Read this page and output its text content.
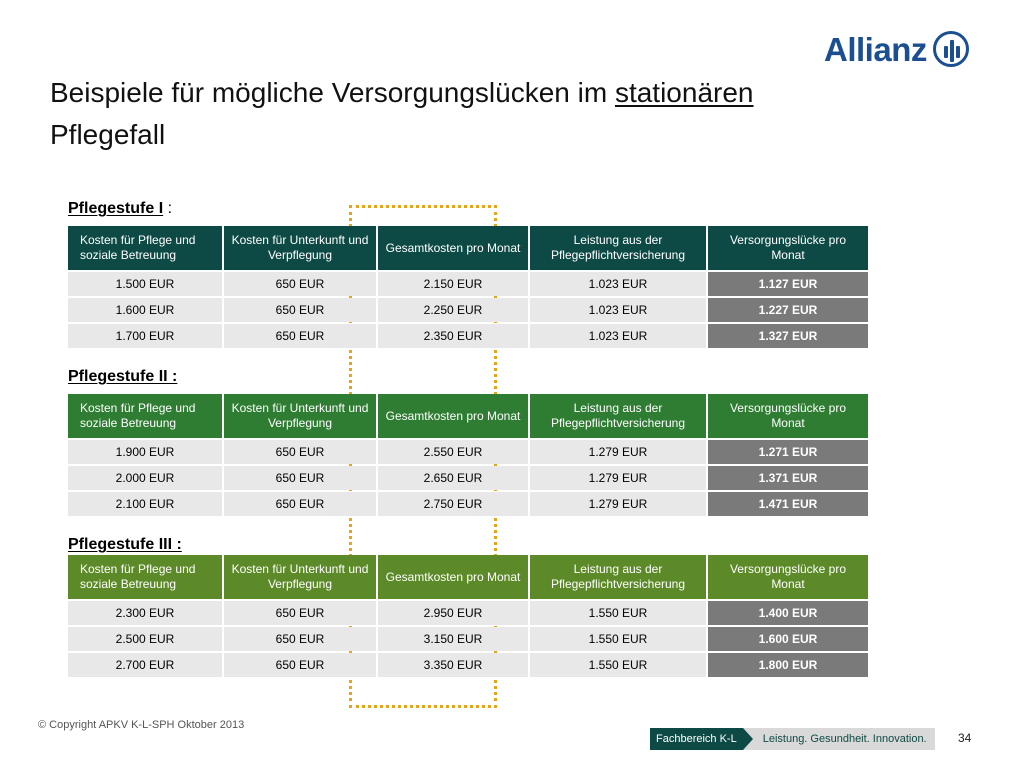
Allianz
Beispiele für mögliche Versorgungslücken im stationären
Pflegefall
Pflegestufe I :
Kosten für Pflege und soziale Betreuung	Kosten für Unterkunft und Verpflegung	Gesamtkosten pro Monat	Leistung aus der Pflegepflichtversicherung	Versorgungslücke pro Monat
1.500 EUR	650 EUR	2.150 EUR	1.023 EUR	1.127 EUR
1.600 EUR	650 EUR	2.250 EUR	1.023 EUR	1.227 EUR
1.700 EUR	650 EUR	2.350 EUR	1.023 EUR	1.327 EUR
Pflegestufe II :
Kosten für Pflege und soziale Betreuung	Kosten für Unterkunft und Verpflegung	Gesamtkosten pro Monat	Leistung aus der Pflegepflichtversicherung	Versorgungslücke pro Monat
1.900 EUR	650 EUR	2.550 EUR	1.279 EUR	1.271 EUR
2.000 EUR	650 EUR	2.650 EUR	1.279 EUR	1.371 EUR
2.100 EUR	650 EUR	2.750 EUR	1.279 EUR	1.471 EUR
Pflegestufe III :
Kosten für Pflege und soziale Betreuung	Kosten für Unterkunft und Verpflegung	Gesamtkosten pro Monat	Leistung aus der Pflegepflichtversicherung	Versorgungslücke pro Monat
2.300 EUR	650 EUR	2.950 EUR	1.550 EUR	1.400 EUR
2.500 EUR	650 EUR	3.150 EUR	1.550 EUR	1.600 EUR
2.700 EUR	650 EUR	3.350 EUR	1.550 EUR	1.800 EUR
© Copyright APKV K-L-SPH Oktober 2013
Fachbereich K-L	Leistung. Gesundheit. Innovation.	34
